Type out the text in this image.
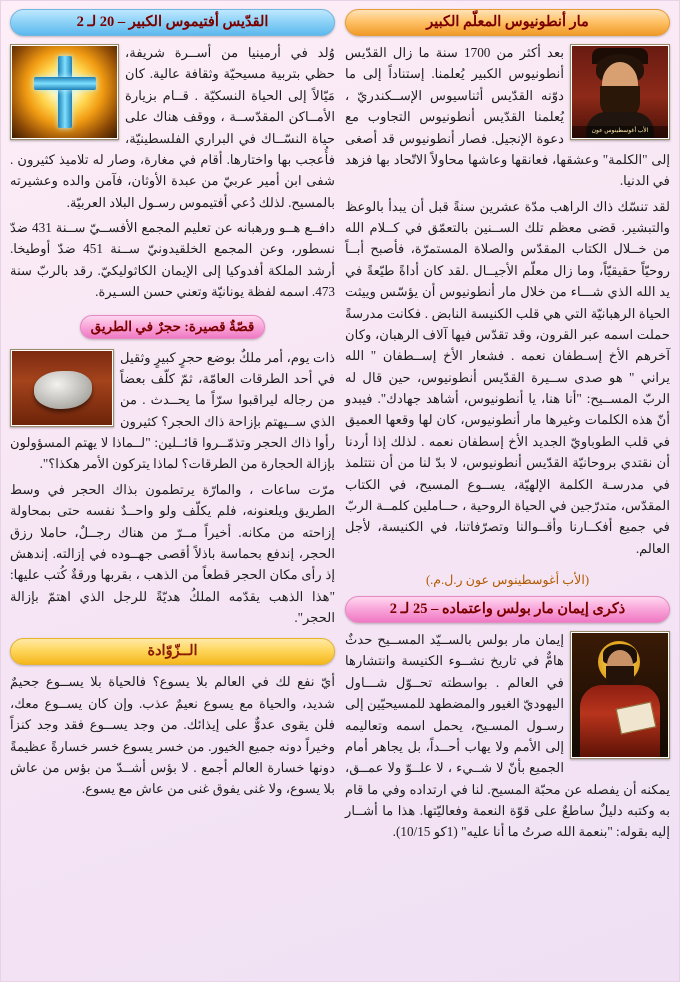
مار أنطونيوس المعلّم الكبير
الأب أغوسطينوس عون

بعد أكثر من 1700 سنة ما زال القدّيس أنطونيوس الكبير يُعلمنا. إستناداً إلى ما دوّنه القدّيس أثناسيوس الإســكندريّ ، يُعلمنا القدّيس أنطونيوس التجاوب مع دعوة الإنجيل. فصار أنطونيوس قد أصغى إلى "الكلمة" وعشقها، فعانقها وعاشها محاولاً الاتّحاد بها فزهد في الدنيا.

لقد تنسّك ذاك الراهب مدّة عشرين سنةً قبل أن يبدأ بالوعظ والتبشير. قضى معظم تلك الســنين بالتعمّق في كــلام الله من خــلال الكتاب المقدّس والصلاة المستمرّة، فأصبح أبــاً روحيّاً حقيقيّاً، وما زال معلّم الأجيــال .لقد كان أداةً طيّعةً في يد الله الذي شـــاء من خلال مار أنطونيوس أن يؤسّس وييثت الحياة الرهبانيّة التي هي قلب الكنيسة النابض . فكانت مدرسةً حملت اسمه عبر القرون، وقد تقدّس فيها آلاف الرهبان، وكان آخرهم الأخ إسـطفان نعمه . فشعار الأخ إســطفان " الله يراني " هو صدى ســيرة القدّيس أنطونيوس، حين قال له الربّ المســيح: "أنا هنا، يا أنطونيوس، أشاهد جهادك". فيبدو أنّ هذه الكلمات وغيرها مار أنطونيوس، كان لها وقعها العميق في قلب الطوباويّ الجديد الأخ إسطفان نعمه . لذلك إذا أردنا أن نقتدي بروحانيّة القدّيس أنطونيوس، لا بدّ لنا من أن نتتلمذ في مدرسـة الكلمة الإلهيّة، يســوع المسيح، في الكتاب المقدّس، متدرّجين في الحياة الروحية ، حــاملين كلمــة الربّ في جميع أفكــارنا وأقــوالنا وتصرّفاتنا، في الكنيسة، لأجل العالم.

(الأب أغوسطينوس عون ر.ل.م.)
ذكرى إيمان مار بولس واعتماده – 25 لـ 2

إيمان مار بولس بالســيّد المســيح حدثٌ هامٌّ في تاريخ نشــوء الكنيسة وانتشارها في العالم . بواسطته تحــوّل شـــاول اليهوديّ الغيور والمضطهد للمسيحيّين إلى رسـول المسـيح، يحمل اسمه وتعاليمه إلى الأمم ولا يهاب أحــداً، بل يجاهر أمام الجميع بأنّ لا شــيء ، لا علــوّ ولا عمــق، يمكنه أن يفصله عن محبّة المسيح. لنا في ارتداده وفي ما قام به وكتبه دليلٌ ساطعٌ على قوّة النعمة وفعاليّتها. هذا ما أشــار إليه بقوله: "بنعمة الله صرتُ ما أنا عليه" (1كو 10/15).

القدّيس أفتيموس الكبير – 20 لـ 2

وُلد في أرمينيا من أســرة شريفة، حظي بتربية مسيحيّة وثقافة عالية. كان مَيّالاً إلى الحياة النسكيّة . قــام بزيارة الأمــاكن المقدّســة ، ووقف هناك على حياة النسّــاك في البراري الفلسطينيّة، فأُعجب بها واختارها. أقام في مغارة، وصار له تلاميذ كثيرون . شفى ابن أمير عربيّ من عبدة الأوثان، فآمن والده وعشيرته بالمسيح. لذلك دُعي أفتيموس رسـول البلاد العربيّة.

دافــع هــو ورهبانه عن تعليم المجمع الأفســيّ ســنة 431 ضدّ نسطور، وعن المجمع الخلقيدونيّ ســنة 451 ضدّ أوطيخا. أرشد الملكة أفدوكيا إلى الإيمان الكاثوليكيّ. رقد بالربّ سنة 473. اسمه لفظة يونانيّة وتعني حسن السـيرة.

قصّةٌ قصيرة: حجرٌ في الطريق

ذات يوم، أمر ملكٌ بوضع حجرٍ كبيرٍ وثقيل في أحد الطرقات العامّة، ثمّ كلّف بعضاً من رجاله ليراقبوا سرّاً ما يحــدث . من الذي ســيهتم بإزاحة ذاك الحجر؟ كثيرون رأوا ذاك الحجر وتذمّــروا قائــلين: "لــماذا لا يهتم المسؤولون بإزالة الحجارة من الطرقات؟ لماذا يتركون الأمر هكذا؟".

مرّت ساعات ، والمارّة يرتطمون بذاك الحجر في وسط الطريق ويلعنونه، فلم يكلّف ولو واحــدٌ نفسه حتى بمحاولة إزاحته من مكانه. أخيراً مــرّ من هناك رجــلٌ، حاملا رزق الحجر، إندفع بحماسة باذلاً أقصى جهــوده في إزالته. إندهش إذ رأى مكان الحجر قطعاً من الذهب ، بقربها ورقةٌ كُتب عليها: "هذا الذهب يقدّمه الملكُ هديّةً للرجل الذي اهتمّ بإزالة الحجر".

الــزّوّادة

أيّ نفع لك في العالم بلا يسوع؟ فالحياة بلا يســوع جحيمٌ شديد، والحياة مع يسوع نعيمٌ عذب. وإن كان يســوع معك، فلن يقوى عدوٌّ على إيذائك. من وجد يســوع فقد وجد كنزاً وخيراً دونه جميع الخيور. من خسر يسوع خسر خسارةً عظيمةً دونها خسارة العالم أجمع . لا بؤس أشــدّ من بؤس من عاش بلا يسوع، ولا غنى يفوق غنى من عاش مع يسوع.
